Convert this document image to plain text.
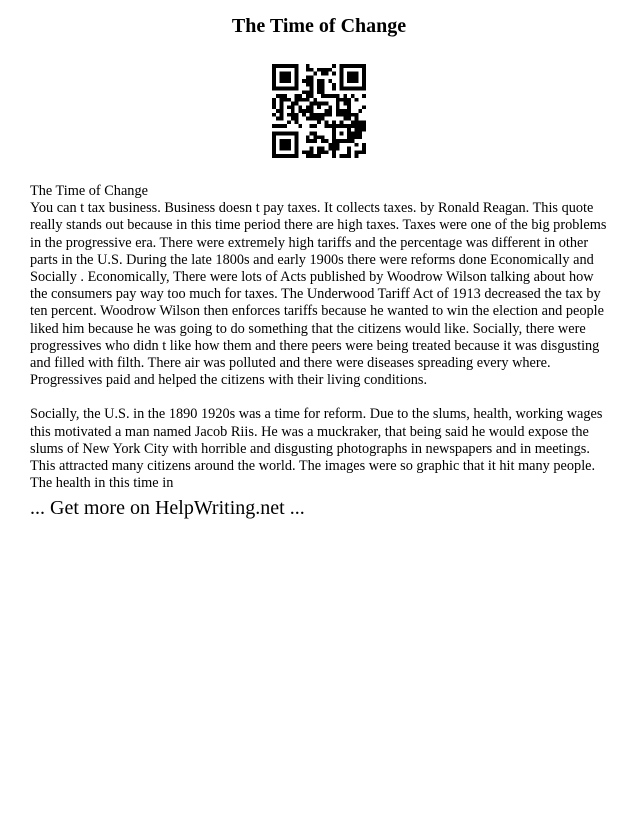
The Time of Change

The Time of Change

You can t tax business. Business doesn t pay taxes. It collects taxes. by Ronald Reagan. This quote really stands out because in this time period there are high taxes. Taxes were one of the big problems in the progressive era. There were extremely high tariffs and the percentage was different in other parts in the U.S. During the late 1800s and early 1900s there were reforms done Economically and Socially . Economically, There were lots of Acts published by Woodrow Wilson talking about how the consumers pay way too much for taxes. The Underwood Tariff Act of 1913 decreased the tax by ten percent. Woodrow Wilson then enforces tariffs because he wanted to win the election and people liked him because he was going to do something that the citizens would like. Socially, there were progressives who didn t like how them and there peers were being treated because it was disgusting and filled with filth. There air was polluted and there were diseases spreading every where. Progressives paid and helped the citizens with their living conditions.

Socially, the U.S. in the 1890 1920s was a time for reform. Due to the slums, health, working wages this motivated a man named Jacob Riis. He was a muckraker, that being said he would expose the slums of New York City with horrible and disgusting photographs in newspapers and in meetings. This attracted many citizens around the world. The images were so graphic that it hit many people. The health in this time in

... Get more on HelpWriting.net ...
